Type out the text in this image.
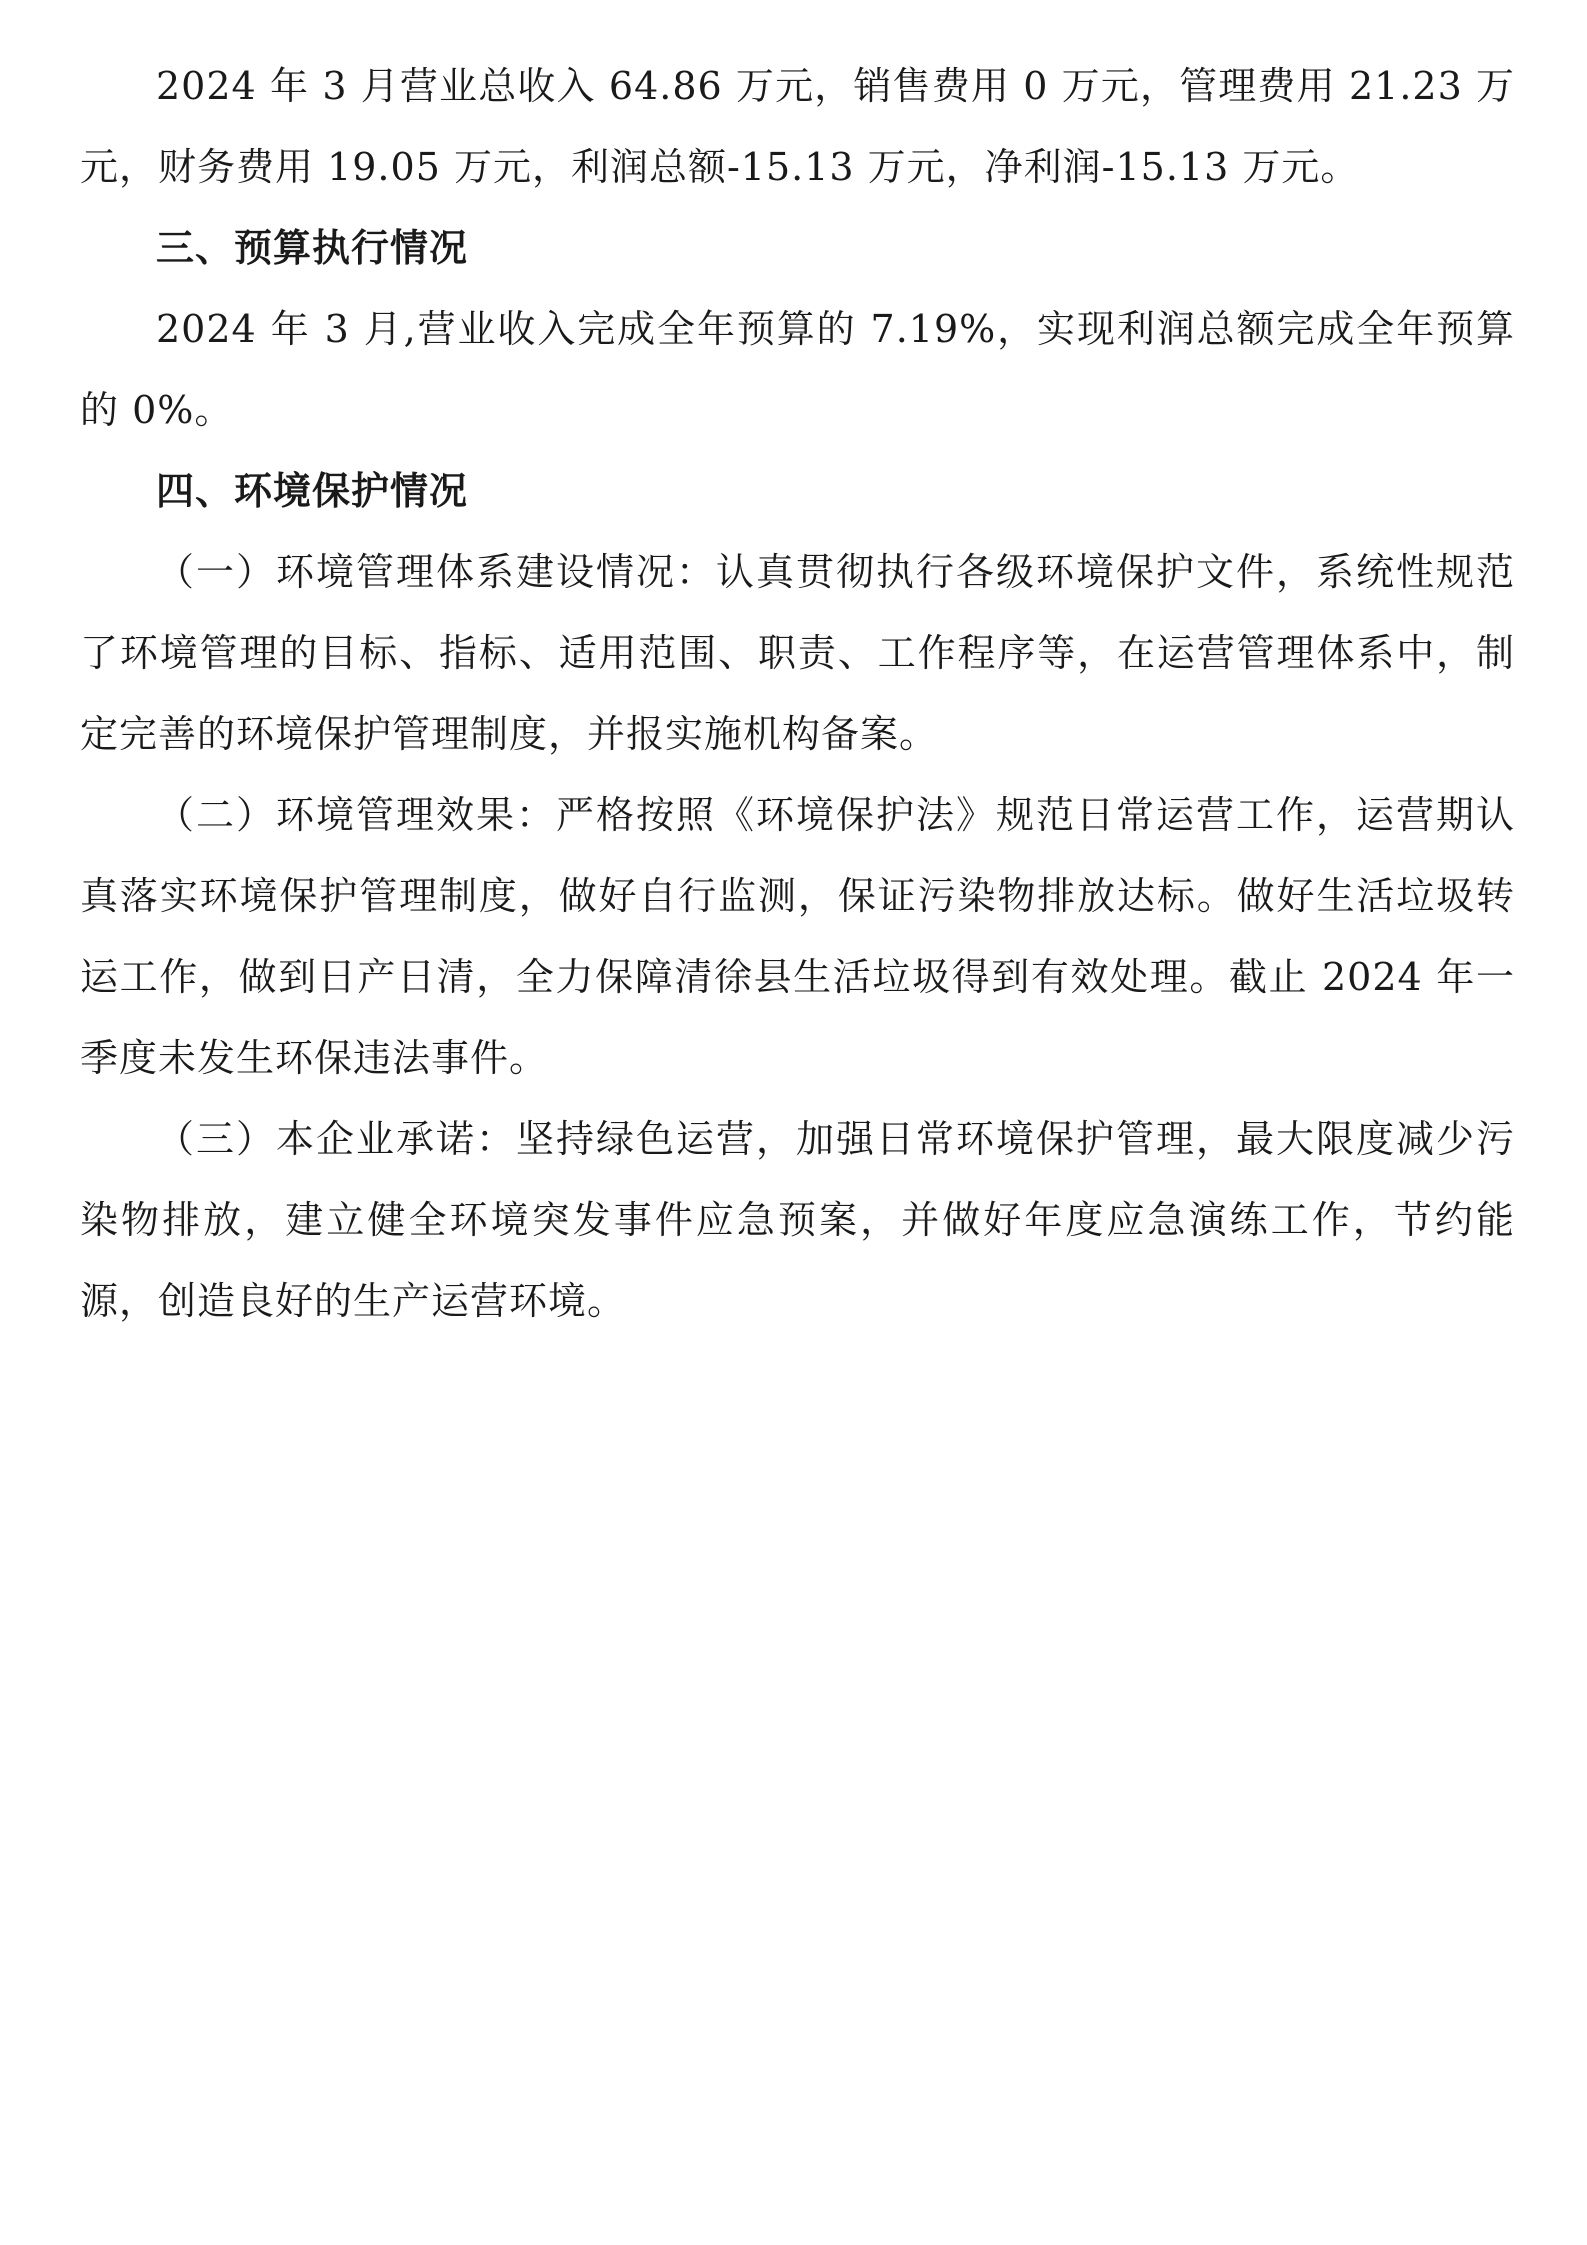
2024 年 3 月营业总收入 64.86 万元，销售费用 0 万元，管理费用 21.23 万元，财务费用 19.05 万元，利润总额-15.13 万元，净利润-15.13 万元。

三、预算执行情况

2024 年 3 月,营业收入完成全年预算的 7.19%，实现利润总额完成全年预算的 0%。

四、环境保护情况

（一）环境管理体系建设情况：认真贯彻执行各级环境保护文件，系统性规范了环境管理的目标、指标、适用范围、职责、工作程序等，在运营管理体系中，制定完善的环境保护管理制度，并报实施机构备案。

（二）环境管理效果：严格按照《环境保护法》规范日常运营工作，运营期认真落实环境保护管理制度，做好自行监测，保证污染物排放达标。做好生活垃圾转运工作，做到日产日清，全力保障清徐县生活垃圾得到有效处理。截止 2024 年一季度未发生环保违法事件。

（三）本企业承诺：坚持绿色运营，加强日常环境保护管理，最大限度减少污染物排放，建立健全环境突发事件应急预案，并做好年度应急演练工作，节约能源，创造良好的生产运营环境。
